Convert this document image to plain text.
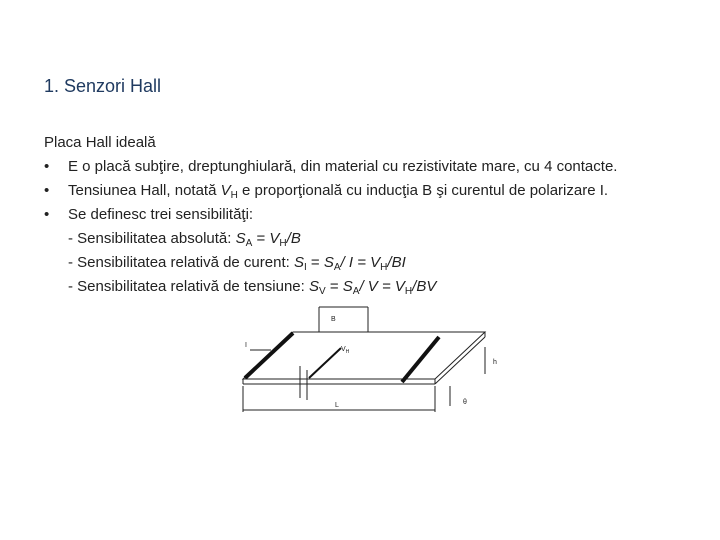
1. Senzori Hall
Placa Hall ideală
• E o placă subţire, dreptunghiulară, din material cu rezistivitate mare, cu 4 contacte.
• Tensiunea Hall, notată $V_H$ e proporţională cu inducţia B şi curentul de polarizare I.
• Se definesc trei sensibilităţi:
- Sensibilitatea absolută: $S_A = V_H/B$
- Sensibilitatea relativă de curent: $S_I = S_A/$ $I = V_H/BI$
- Sensibilitatea relativă de tensiune: $S_V = S_A/$ $V = V_H/BV$
B
I
$V_H$
h
θ
L
